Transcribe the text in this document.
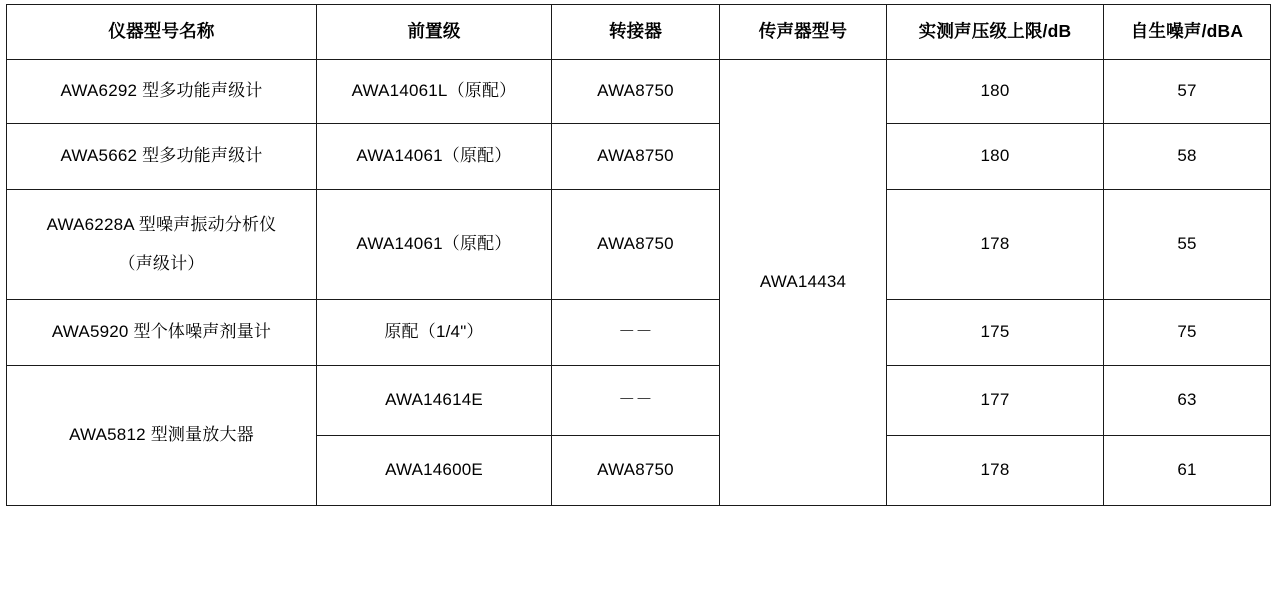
仪器型号名称	前置级	转接器	传声器型号	实测声压级上限/dB	自生噪声/dBA
AWA6292 型多功能声级计	AWA14061L（原配）	AWA8750	AWA14434	180	57
AWA5662 型多功能声级计	AWA14061（原配）	AWA8750		180	58

AWA6228A 型噪声振动分析仪
（声级计）	AWA14061（原配）	AWA8750		178	55
AWA5920 型个体噪声剂量计	原配（1/4"）	－－		175	75
AWA5812 型测量放大器	AWA14614E	－－		177	63
	AWA14600E	AWA8750		178	61
